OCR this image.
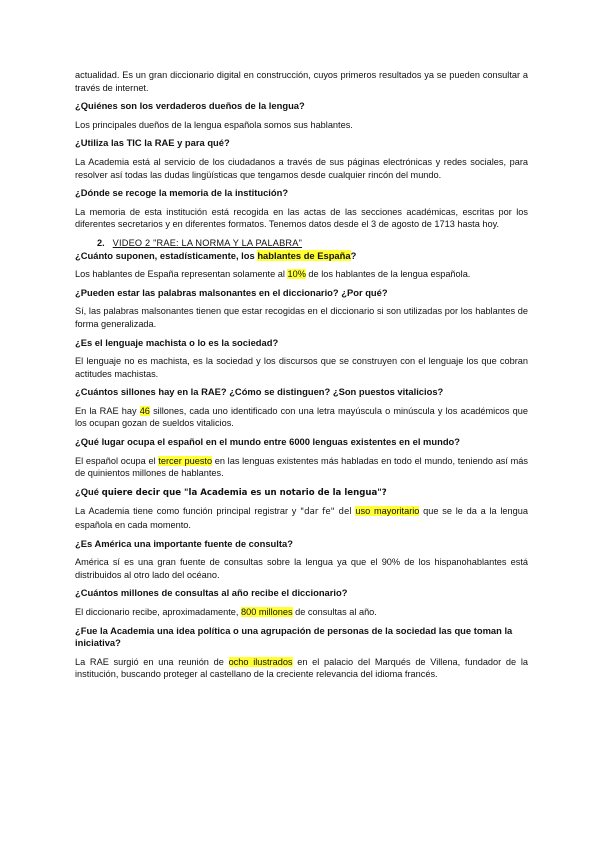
actualidad. Es un gran diccionario digital en construcción, cuyos primeros resultados ya se pueden consultar a través de internet.

¿Quiénes son los verdaderos dueños de la lengua?

Los principales dueños de la lengua española somos sus hablantes.

¿Utiliza las TIC la RAE y para qué?

La Academia está al servicio de los ciudadanos a través de sus páginas electrónicas y redes sociales, para resolver así todas las dudas lingüísticas que tengamos desde cualquier rincón del mundo.

¿Dónde se recoge la memoria de la institución?

La memoria de esta institución está recogida en las actas de las secciones académicas, escritas por los diferentes secretarios y en diferentes formatos. Tenemos datos desde el 3 de agosto de 1713 hasta hoy.

2. VIDEO 2 "RAE: LA NORMA Y LA PALABRA"

¿Cuánto suponen, estadísticamente, los hablantes de España?

Los hablantes de España representan solamente al 10% de los hablantes de la lengua española.

¿Pueden estar las palabras malsonantes en el diccionario? ¿Por qué?

Sí, las palabras malsonantes tienen que estar recogidas en el diccionario si son utilizadas por los hablantes de forma generalizada.

¿Es el lenguaje machista o lo es la sociedad?

El lenguaje no es machista, es la sociedad y los discursos que se construyen con el lenguaje los que cobran actitudes machistas.

¿Cuántos sillones hay en la RAE? ¿Cómo se distinguen? ¿Son puestos vitalicios?

En la RAE hay 46 sillones, cada uno identificado con una letra mayúscula o minúscula y los académicos que los ocupan gozan de sueldos vitalicios.

¿Qué lugar ocupa el español en el mundo entre 6000 lenguas existentes en el mundo?

El español ocupa el tercer puesto en las lenguas existentes más habladas en todo el mundo, teniendo así más de quinientos millones de hablantes.

¿Qué quiere decir que "la Academia es un notario de la lengua"?

La Academia tiene como función principal registrar y "dar fe" del uso mayoritario que se le da a la lengua española en cada momento.

¿Es América una importante fuente de consulta?

América sí es una gran fuente de consultas sobre la lengua ya que el 90% de los hispanohablantes está distribuidos al otro lado del océano.

¿Cuántos millones de consultas al año recibe el diccionario?

El diccionario recibe, aproximadamente, 800 millones de consultas al año.

¿Fue la Academia una idea política o una agrupación de personas de la sociedad las que toman la iniciativa?

La RAE surgió en una reunión de ocho ilustrados en el palacio del Marqués de Villena, fundador de la institución, buscando proteger al castellano de la creciente relevancia del idioma francés.
